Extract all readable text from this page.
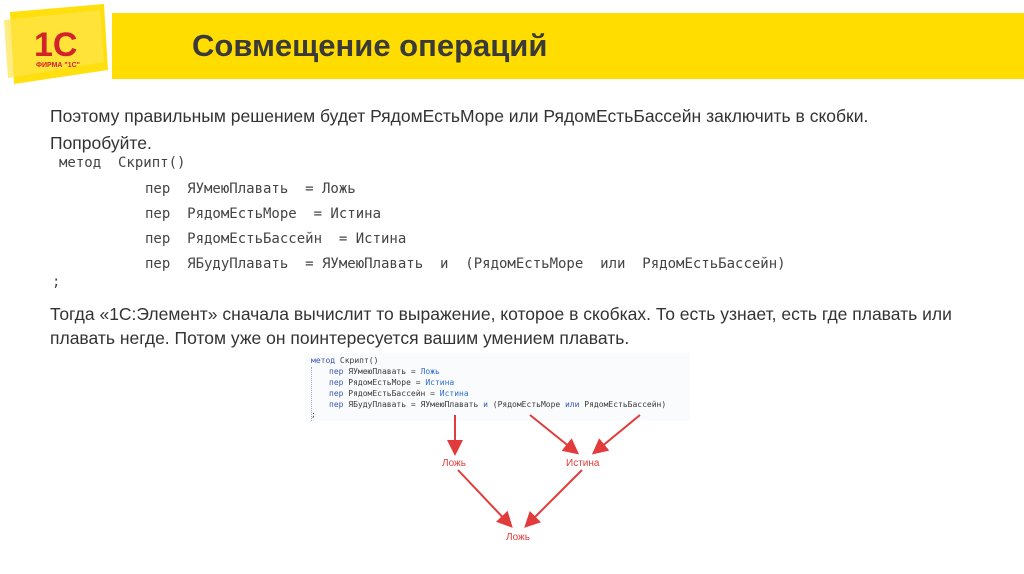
1С
ФИРМА "1С"
Совмещение операций
Поэтому правильным решением будет РядомЕстьМоре или РядомЕстьБассейн заключить в скобки.
Попробуйте.
метод  Скрипт()
пер  ЯУмеюПлавать  = Ложь
пер  РядомЕстьМоре  = Истина
пер  РядомЕстьБассейн  = Истина
пер  ЯБудуПлавать  = ЯУмеюПлавать  и  (РядомЕстьМоре  или  РядомЕстьБассейн)
;
Тогда «1С:Элемент» сначала вычислит то выражение, которое в скобках. То есть узнает, есть где плавать или плавать негде. Потом уже он поинтересуется вашим умением плавать.
метод Скрипт()
пер ЯУмеюПлавать = Ложь
пер РядомЕстьМоре = Истина
пер РядомЕстьБассейн = Истина
пер ЯБудуПлавать = ЯУмеюПлавать и (РядомЕстьМоре или РядомЕстьБассейн)
;
Ложь	Истина
Ложь
